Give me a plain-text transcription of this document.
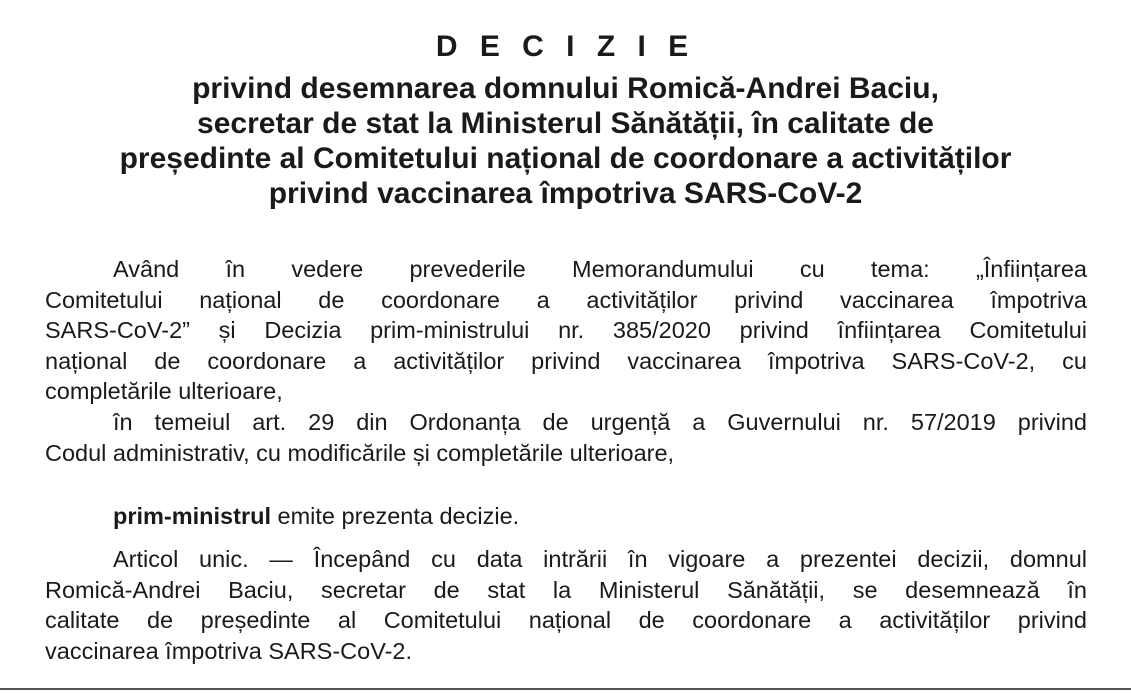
D E C I Z I E
privind desemnarea domnului Romică-Andrei Baciu,
secretar de stat la Ministerul Sănătății, în calitate de
președinte al Comitetului național de coordonare a activităților
privind vaccinarea împotriva SARS-CoV-2
Având în vedere prevederile Memorandumului cu tema: „Înființarea
Comitetului național de coordonare a activităților privind vaccinarea împotriva
SARS-CoV-2” și Decizia prim-ministrului nr. 385/2020 privind înființarea Comitetului
național de coordonare a activităților privind vaccinarea împotriva SARS-CoV-2, cu
completările ulterioare,
în temeiul art. 29 din Ordonanța de urgență a Guvernului nr. 57/2019 privind
Codul administrativ, cu modificările și completările ulterioare,
prim-ministrul emite prezenta decizie.
Articol unic. — Începând cu data intrării în vigoare a prezentei decizii, domnul
Romică-Andrei Baciu, secretar de stat la Ministerul Sănătății, se desemnează în
calitate de președinte al Comitetului național de coordonare a activităților privind
vaccinarea împotriva SARS-CoV-2.
